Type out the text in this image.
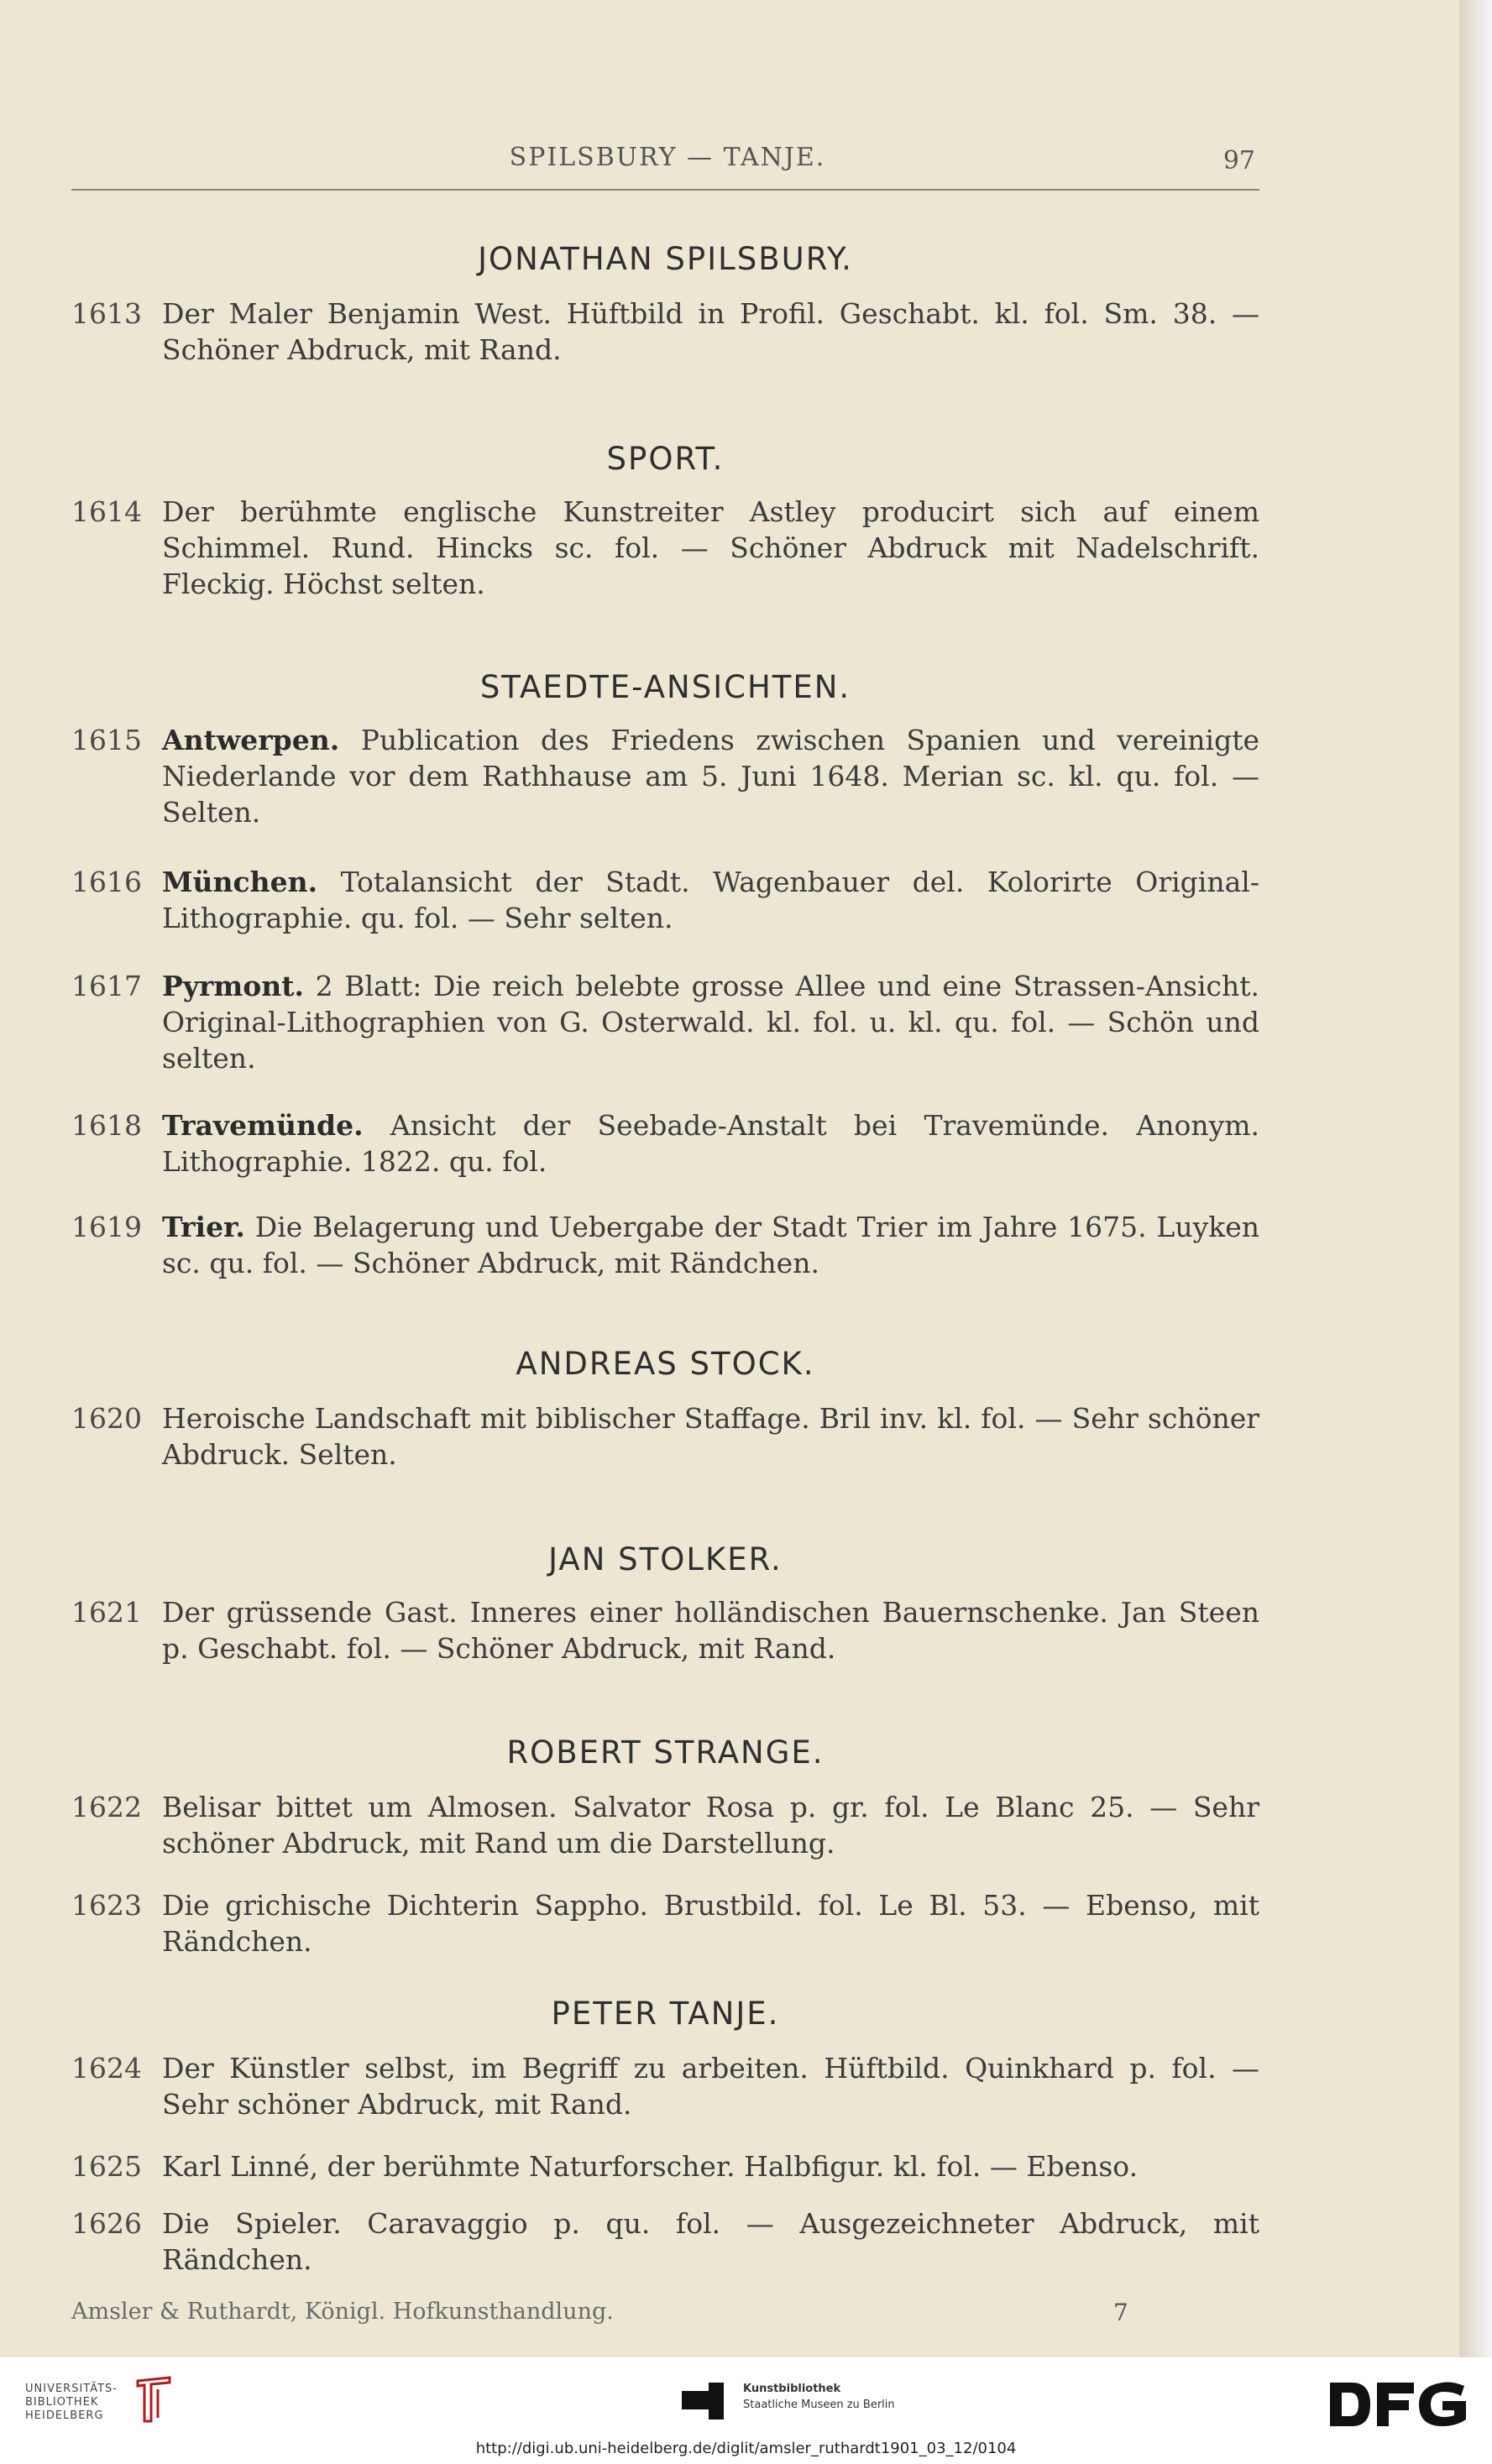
SPILSBURY — TANJE.	97
JONATHAN SPILSBURY.
1613 Der Maler Benjamin West. Hüftbild in Profil. Geschabt. kl. fol. Sm. 38. — Schöner Abdruck, mit Rand.
SPORT.
1614 Der berühmte englische Kunstreiter Astley producirt sich auf einem Schimmel. Rund. Hincks sc. fol. — Schöner Abdruck mit Nadelschrift. Fleckig. Höchst selten.
STAEDTE-ANSICHTEN.
1615 Antwerpen. Publication des Friedens zwischen Spanien und vereinigte Niederlande vor dem Rathhause am 5. Juni 1648. Merian sc. kl. qu. fol. — Selten.
1616 München. Totalansicht der Stadt. Wagenbauer del. Kolorirte Original-Lithographie. qu. fol. — Sehr selten.
1617 Pyrmont. 2 Blatt: Die reich belebte grosse Allee und eine Strassen-Ansicht. Original-Lithographien von G. Osterwald. kl. fol. u. kl. qu. fol. — Schön und selten.
1618 Travemünde. Ansicht der Seebade-Anstalt bei Travemünde. Anonym. Lithographie. 1822. qu. fol.
1619 Trier. Die Belagerung und Uebergabe der Stadt Trier im Jahre 1675. Luyken sc. qu. fol. — Schöner Abdruck, mit Rändchen.
ANDREAS STOCK.
1620 Heroische Landschaft mit biblischer Staffage. Bril inv. kl. fol. — Sehr schöner Abdruck. Selten.
JAN STOLKER.
1621 Der grüssende Gast. Inneres einer holländischen Bauernschenke. Jan Steen p. Geschabt. fol. — Schöner Abdruck, mit Rand.
ROBERT STRANGE.
1622 Belisar bittet um Almosen. Salvator Rosa p. gr. fol. Le Blanc 25. — Sehr schöner Abdruck, mit Rand um die Darstellung.
1623 Die grichische Dichterin Sappho. Brustbild. fol. Le Bl. 53. — Ebenso, mit Rändchen.
PETER TANJE.
1624 Der Künstler selbst, im Begriff zu arbeiten. Hüftbild. Quinkhard p. fol. — Sehr schöner Abdruck, mit Rand.
1625 Karl Linné, der berühmte Naturforscher. Halbfigur. kl. fol. — Ebenso.
1626 Die Spieler. Caravaggio p. qu. fol. — Ausgezeichneter Abdruck, mit Rändchen.
Amsler & Ruthardt, Königl. Hofkunsthandlung.	7
UNIVERSITÄTS-
BIBLIOTHEK
HEIDELBERG
Kunstbibliothek
Staatliche Museen zu Berlin
http://digi.ub.uni-heidelberg.de/diglit/amsler_ruthardt1901_03_12/0104
